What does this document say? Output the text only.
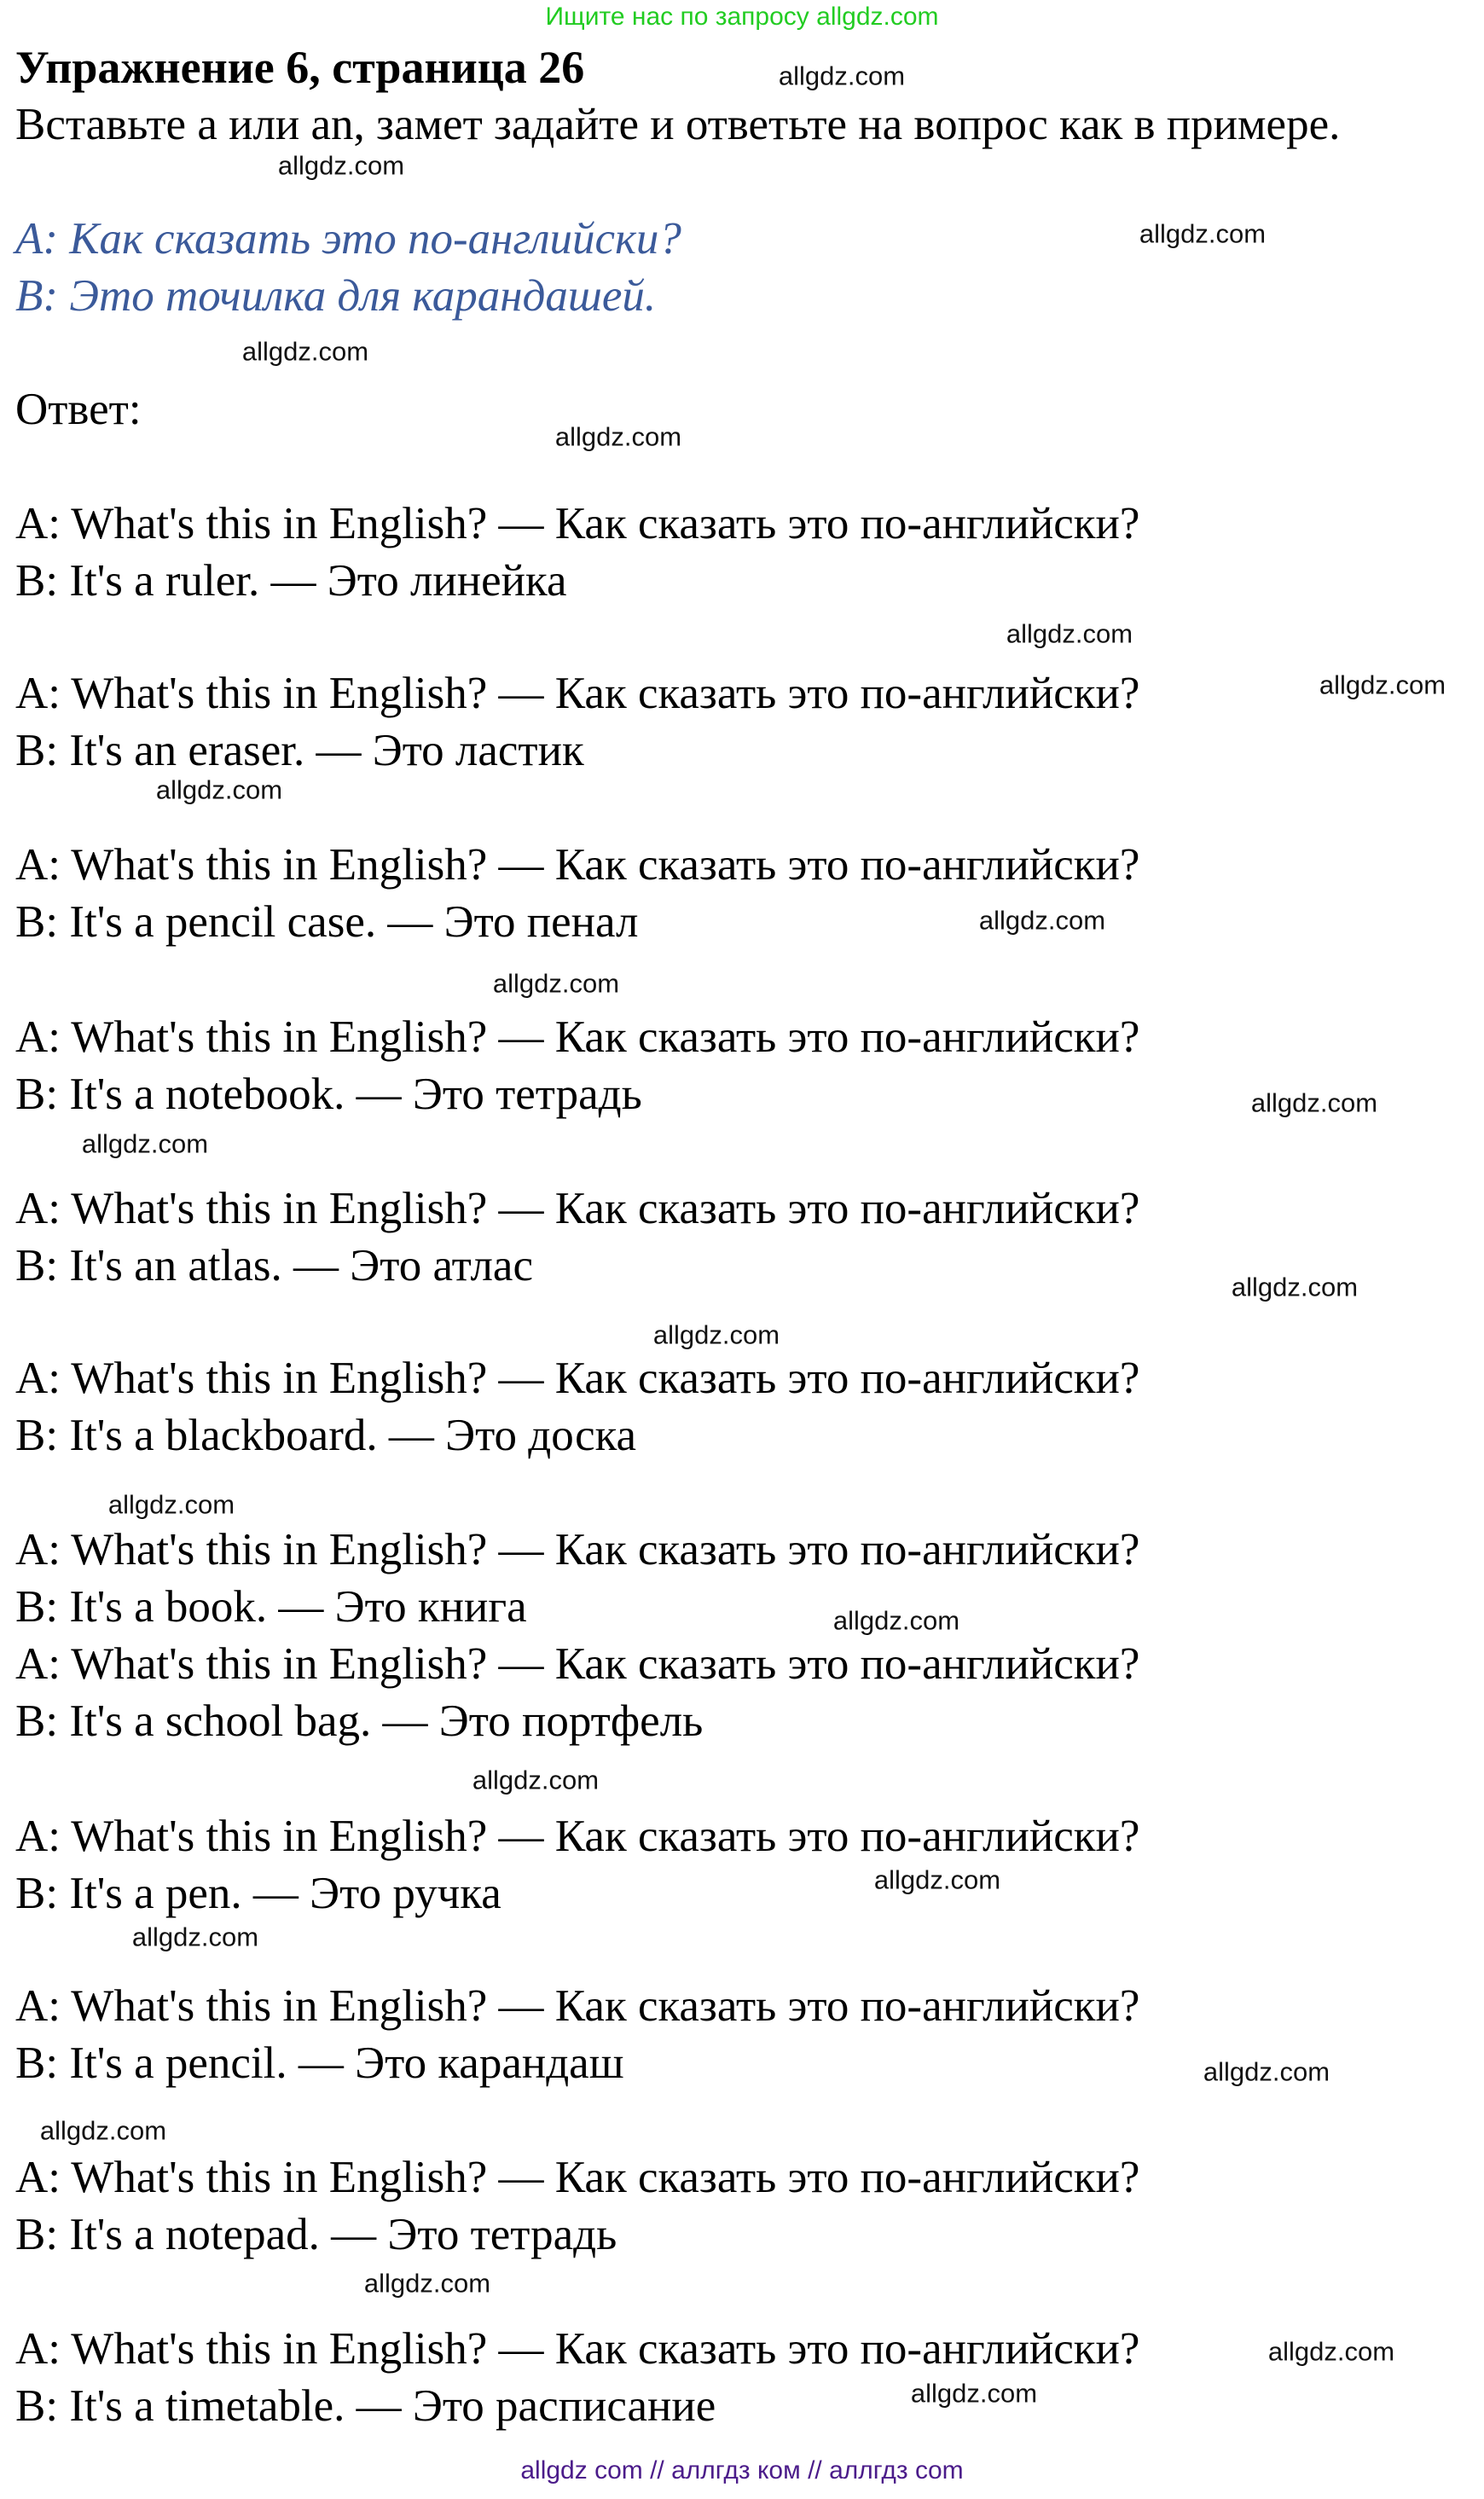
Ищите нас по запросу allgdz.com
Упражнение 6, страница 26
Вставьте a или an, замет задайте и ответьте на вопрос как в примере.
A: Как сказать это по-английски?
B: Это точилка для карандашей.
Ответ:
A: What's this in English? — Как сказать это по-английски?
B: It's a ruler. — Это линейка
A: What's this in English? — Как сказать это по-английски?
B: It's an eraser. — Это ластик
A: What's this in English? — Как сказать это по-английски?
B: It's a pencil case. — Это пенал
A: What's this in English? — Как сказать это по-английски?
B: It's a notebook. — Это тетрадь
A: What's this in English? — Как сказать это по-английски?
B: It's an atlas. — Это атлас
A: What's this in English? — Как сказать это по-английски?
B: It's a blackboard. — Это доска
A: What's this in English? — Как сказать это по-английски?
B: It's a book. — Это книга
A: What's this in English? — Как сказать это по-английски?
B: It's a school bag. — Это портфель
A: What's this in English? — Как сказать это по-английски?
B: It's a pen. — Это ручка
A: What's this in English? — Как сказать это по-английски?
B: It's a pencil. — Это карандаш
A: What's this in English? — Как сказать это по-английски?
B: It's a notepad. — Это тетрадь
A: What's this in English? — Как сказать это по-английски?
B: It's a timetable. — Это расписание
allgdz.com
allgdz.com
allgdz.com
allgdz.com
allgdz.com
allgdz.com
allgdz.com
allgdz.com
allgdz.com
allgdz.com
allgdz.com
allgdz.com
allgdz.com
allgdz.com
allgdz.com
allgdz.com
allgdz.com
allgdz.com
allgdz.com
allgdz.com
allgdz.com
allgdz.com
allgdz.com
allgdz.com
allgdz com // аллгдз ком // аллгдз com
